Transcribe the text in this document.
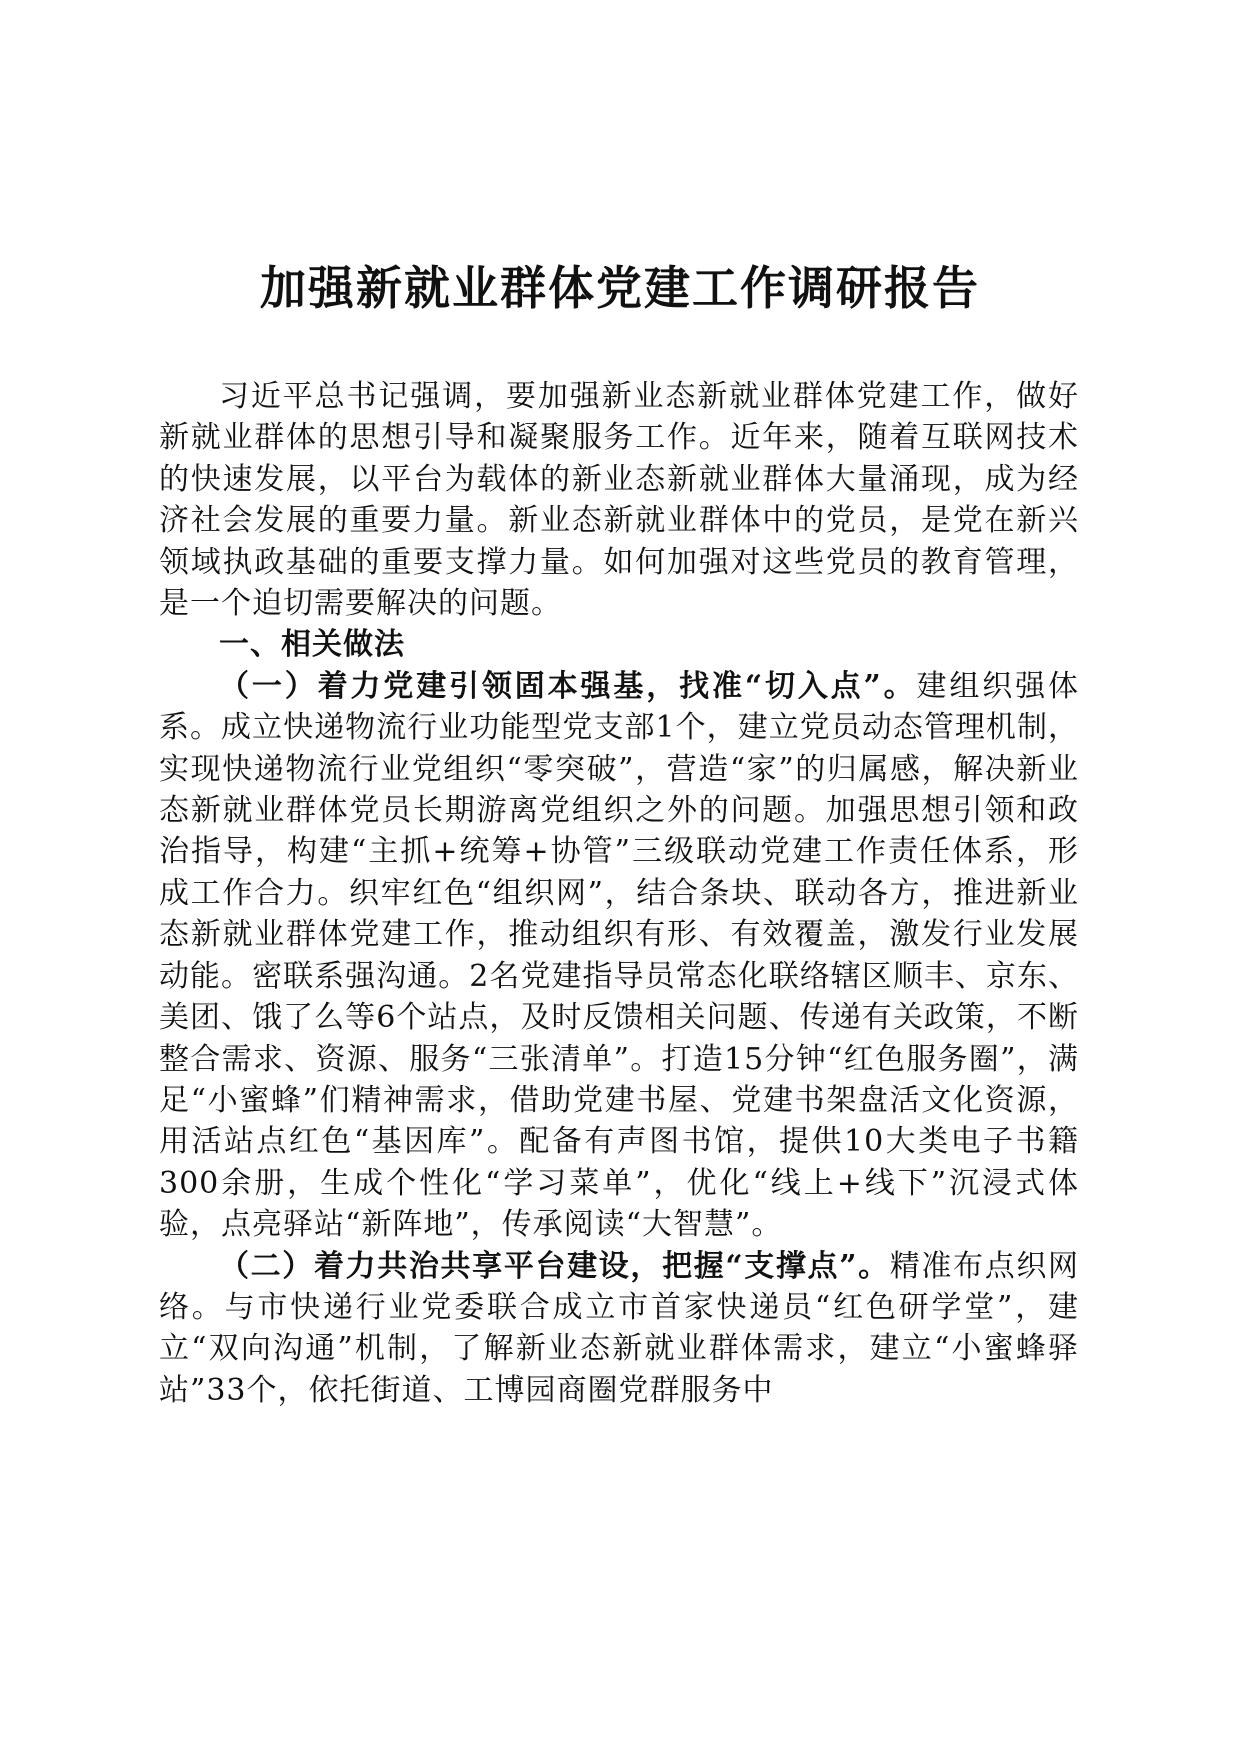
加强新就业群体党建工作调研报告

习近平总书记强调，要加强新业态新就业群体党建工作，做好新就业群体的思想引导和凝聚服务工作。近年来，随着互联网技术的快速发展，以平台为载体的新业态新就业群体大量涌现，成为经济社会发展的重要力量。新业态新就业群体中的党员，是党在新兴领域执政基础的重要支撑力量。如何加强对这些党员的教育管理，是一个迫切需要解决的问题。

一、相关做法

（一）着力党建引领固本强基，找准“切入点”。建组织强体系。成立快递物流行业功能型党支部1个，建立党员动态管理机制，实现快递物流行业党组织“零突破”，营造“家”的归属感，解决新业态新就业群体党员长期游离党组织之外的问题。加强思想引领和政治指导，构建“主抓+统筹+协管”三级联动党建工作责任体系，形成工作合力。织牢红色“组织网”，结合条块、联动各方，推进新业态新就业群体党建工作，推动组织有形、有效覆盖，激发行业发展动能。密联系强沟通。2名党建指导员常态化联络辖区顺丰、京东、美团、饿了么等6个站点，及时反馈相关问题、传递有关政策，不断整合需求、资源、服务“三张清单”。打造15分钟“红色服务圈”，满足“小蜜蜂”们精神需求，借助党建书屋、党建书架盘活文化资源，用活站点红色“基因库”。配备有声图书馆，提供10大类电子书籍300余册，生成个性化“学习菜单”，优化“线上+线下”沉浸式体验，点亮驿站“新阵地”，传承阅读“大智慧”。

（二）着力共治共享平台建设，把握“支撑点”。精准布点织网络。与市快递行业党委联合成立市首家快递员“红色研学堂”，建立“双向沟通”机制，了解新业态新就业群体需求，建立“小蜜蜂驿站”33个，依托街道、工博园商圈党群服务中
